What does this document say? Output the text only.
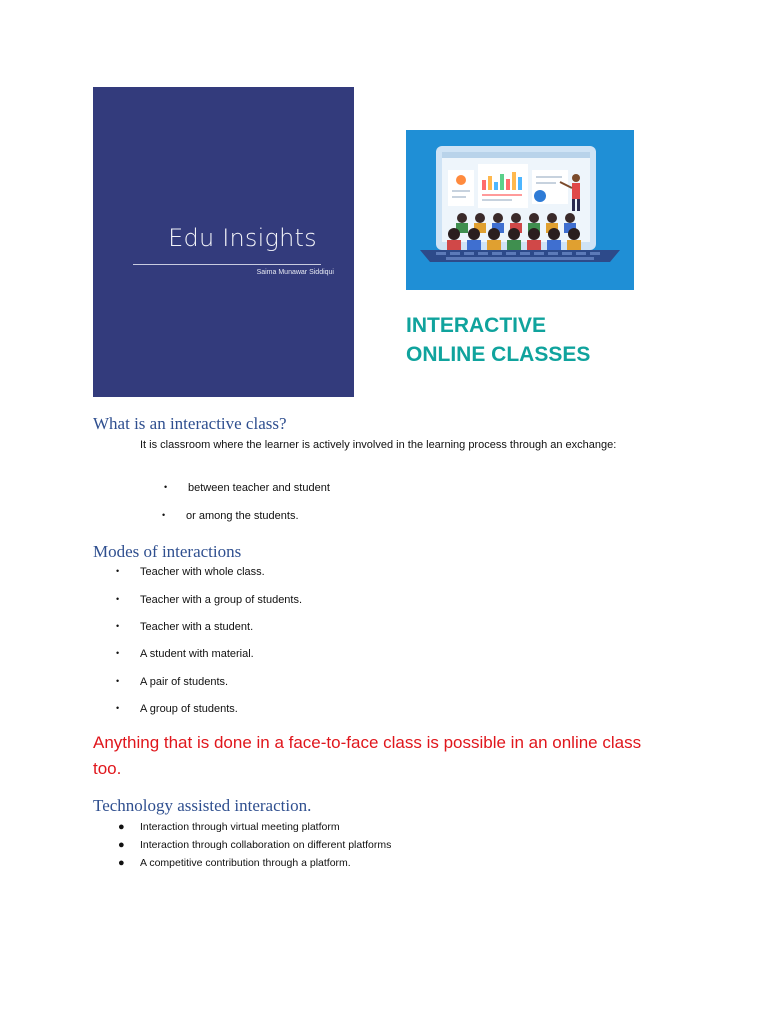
Edu Insights
Saima Munawar Siddiqui
INTERACTIVE
ONLINE CLASSES
What is an interactive class?
It is classroom where the learner is actively involved in the learning process through an exchange:
• between teacher and student
• or among the students.
Modes of interactions
• Teacher with whole class.
• Teacher with a group of students.
• Teacher with a student.
• A student with material.
• A pair of students.
• A group of students.
Anything that is done in a face-to-face class is possible in an online class too.
Technology assisted interaction.
● Interaction through virtual meeting platform
● Interaction through collaboration on different platforms
● A competitive contribution through a platform.
